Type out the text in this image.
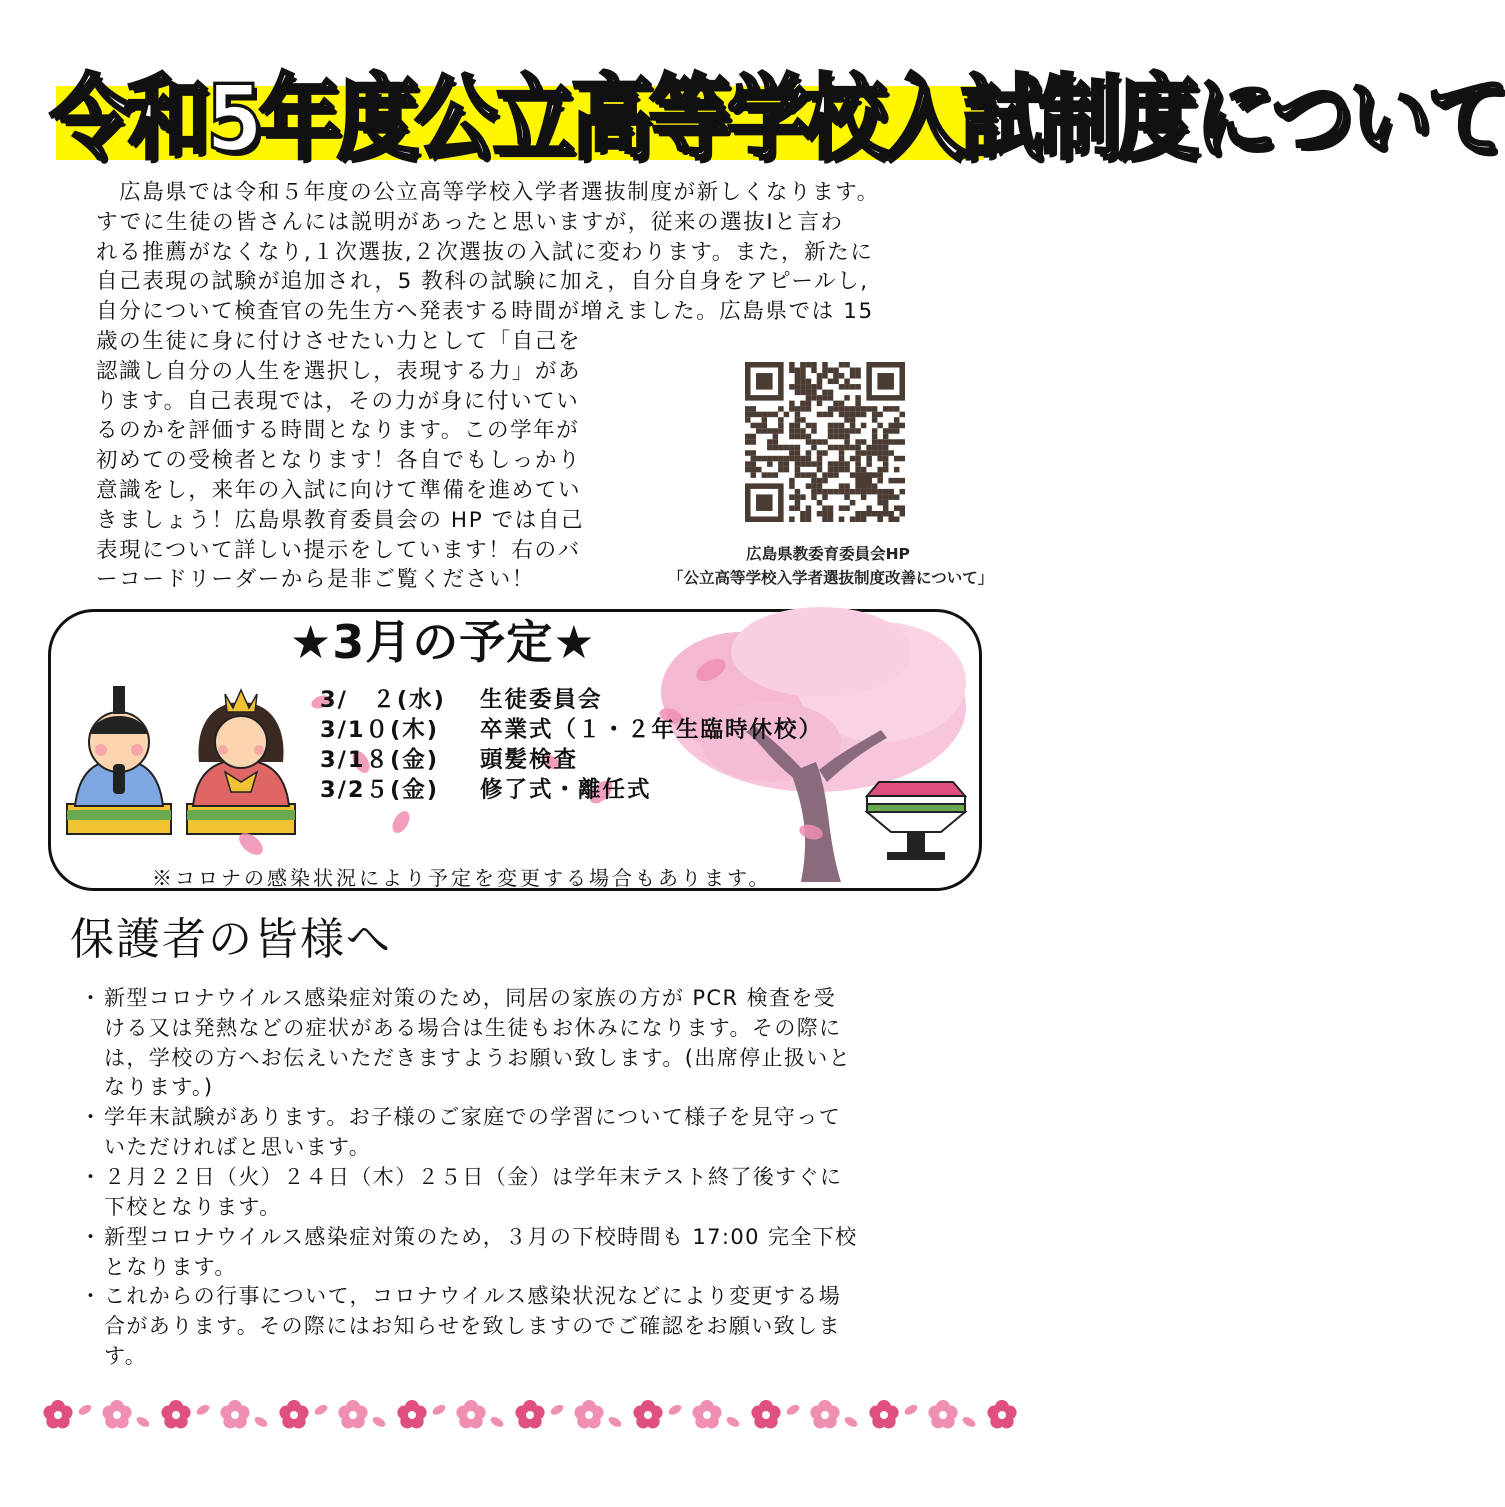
令和5年度公立高等学校入試制度について
　広島県では令和５年度の公立高等学校入学者選抜制度が新しくなります。
すでに生徒の皆さんには説明があったと思いますが，従来の選抜Ⅰと言わ
れる推薦がなくなり,１次選抜,２次選抜の入試に変わります。また，新たに
自己表現の試験が追加され，5 教科の試験に加え，自分自身をアピールし,
自分について検査官の先生方へ発表する時間が増えました。広島県では 15
歳の生徒に身に付けさせたい力として「自己を
認識し自分の人生を選択し，表現する力」があ
ります。自己表現では，その力が身に付いてい
るのかを評価する時間となります。この学年が
初めての受検者となります！各自でもしっかり
意識をし，来年の入試に向けて準備を進めてい
きましょう！広島県教育委員会の HP では自己
表現について詳しい提示をしています！右のバ
ーコードリーダーから是非ご覧ください！
広島県教委育委員会HP
「公立高等学校入学者選抜制度改善について」
★3月の予定★
3/　２(水) 生徒委員会
3/1０(木) 卒業式（１・２年生臨時休校）
3/1８(金) 頭髪検査
3/2５(金) 修了式・離任式
※コロナの感染状況により予定を変更する場合もあります。
保護者の皆様へ
・ 新型コロナウイルス感染症対策のため，同居の家族の方が PCR 検査を受
ける又は発熱などの症状がある場合は生徒もお休みになります。その際に
は，学校の方へお伝えいただきますようお願い致します。(出席停止扱いと
なります。)
・ 学年末試験があります。お子様のご家庭での学習について様子を見守って
いただければと思います。
・ ２月２２日（火）２４日（木）２５日（金）は学年末テスト終了後すぐに
下校となります。
・ 新型コロナウイルス感染症対策のため，３月の下校時間も 17:00 完全下校
となります。
・ これからの行事について，コロナウイルス感染状況などにより変更する場
合があります。その際にはお知らせを致しますのでご確認をお願い致しま
す。
